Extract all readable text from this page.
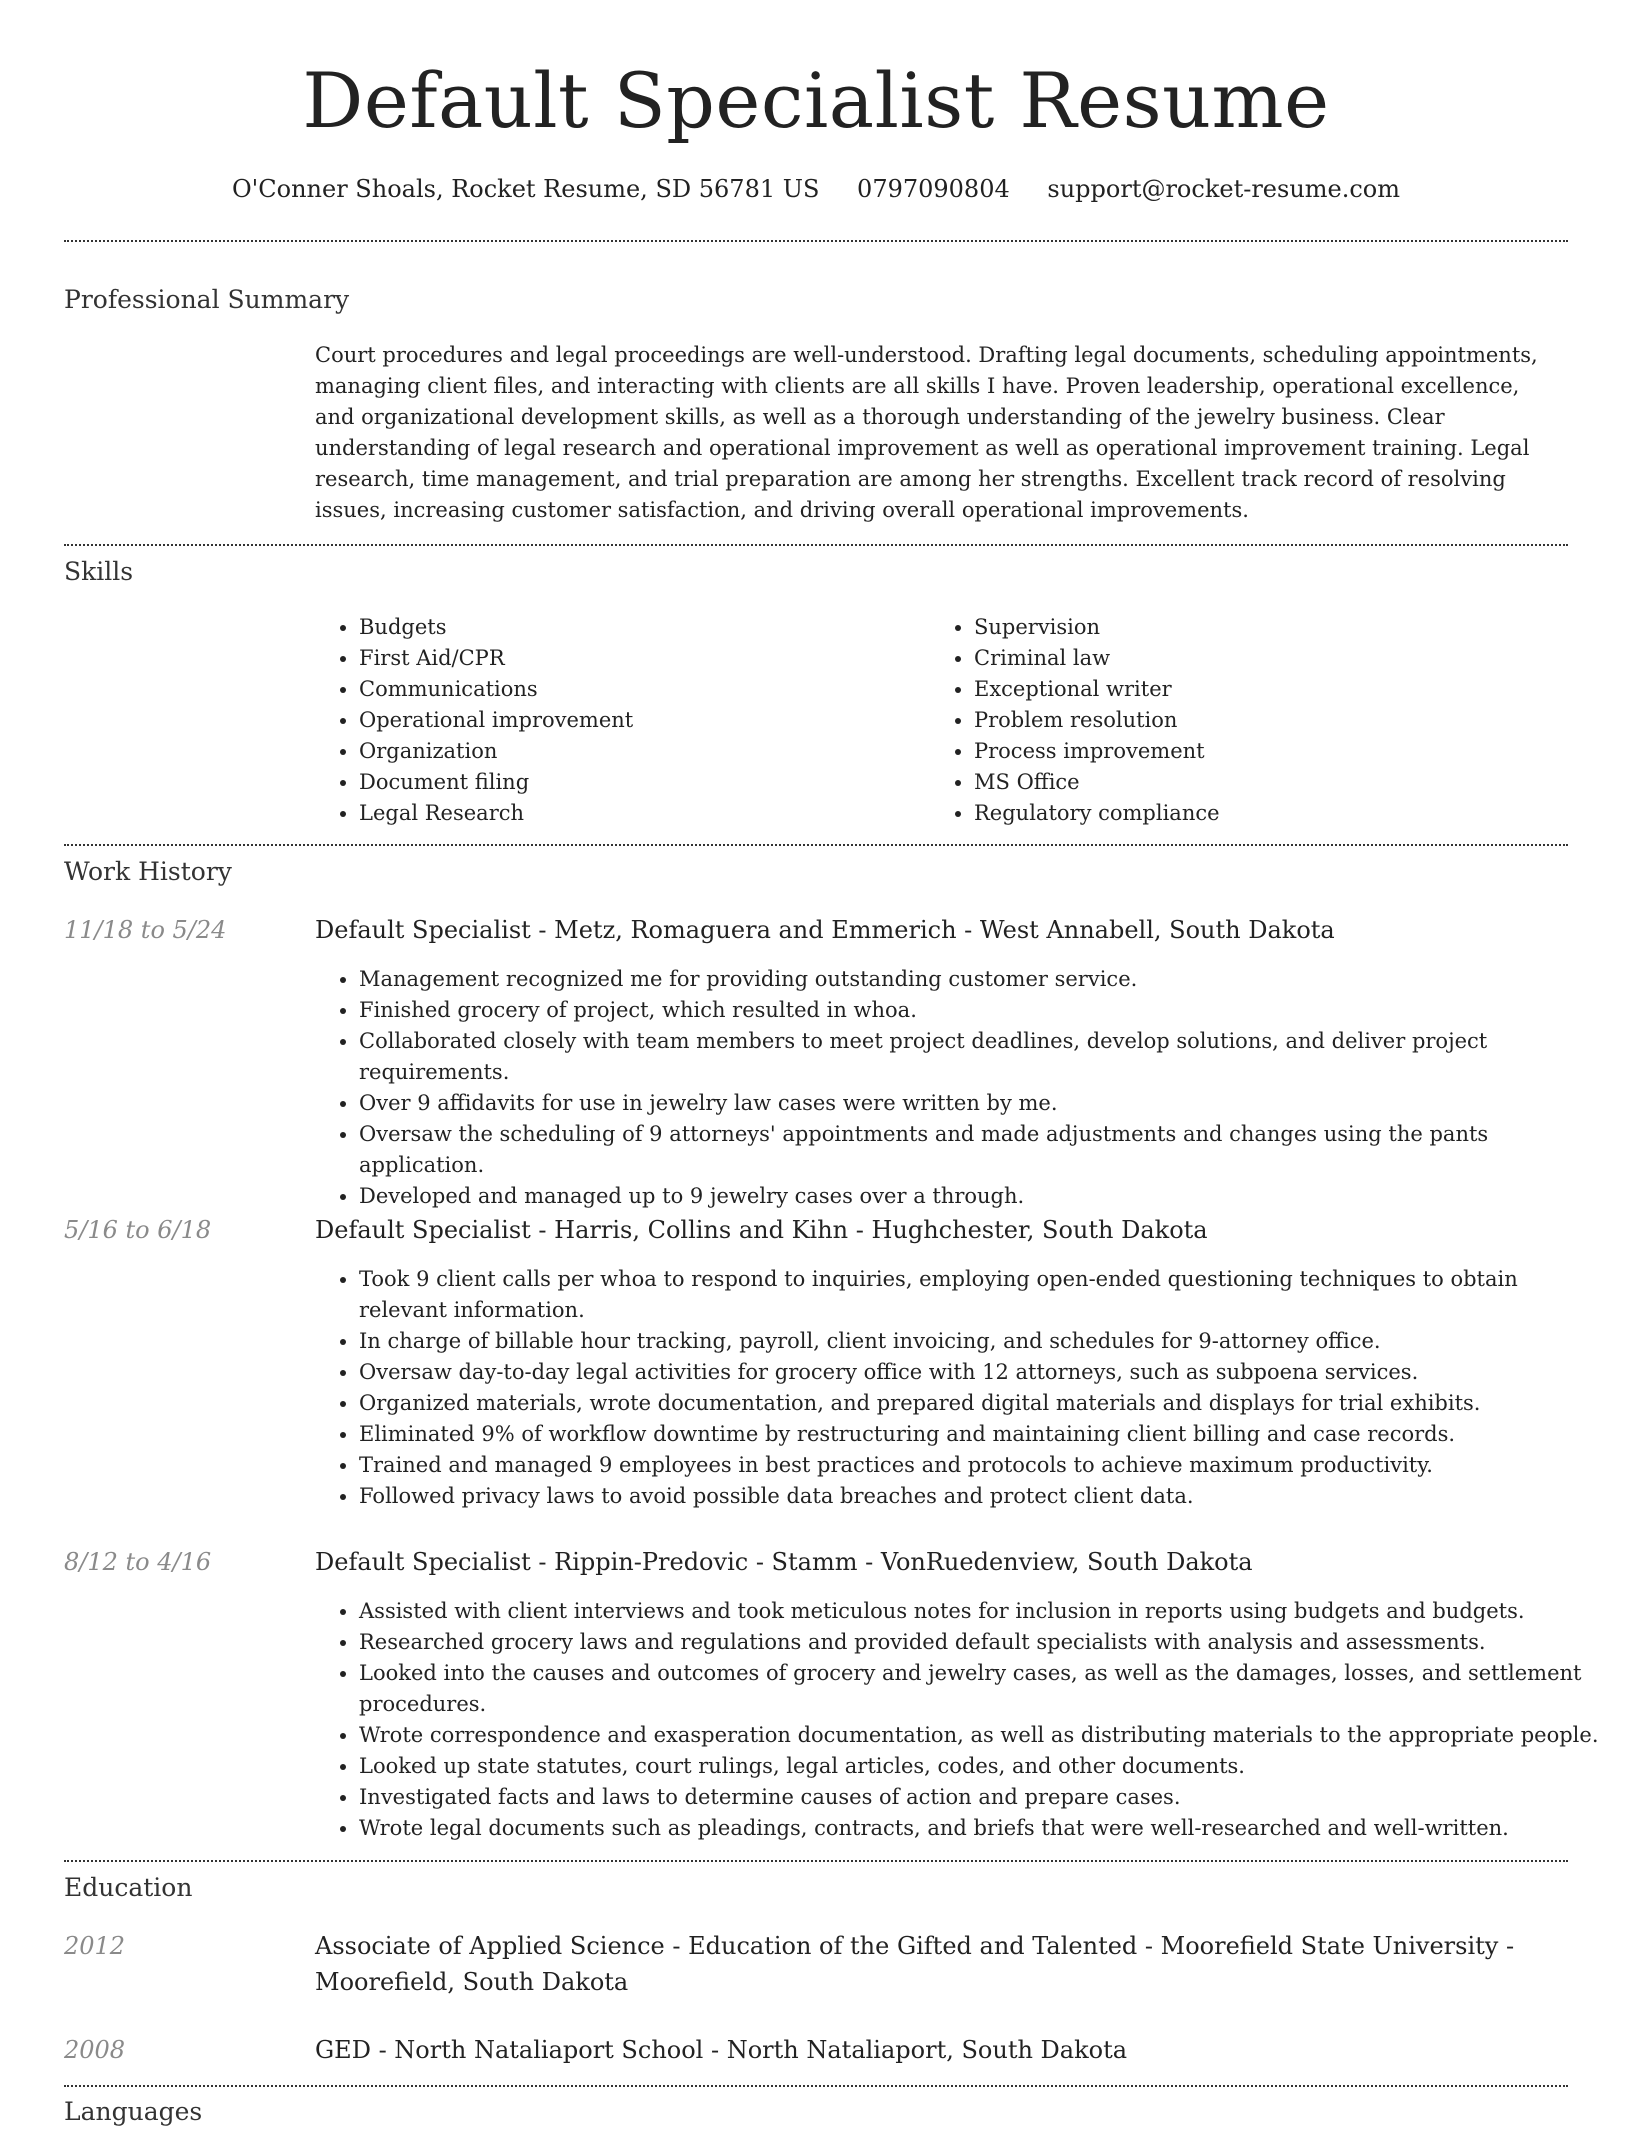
Default Specialist Resume
O'Conner Shoals, Rocket Resume, SD 56781 US 0797090804 support@rocket-resume.com
Professional Summary
Court procedures and legal proceedings are well-understood. Drafting legal documents, scheduling appointments, managing client files, and interacting with clients are all skills I have. Proven leadership, operational excellence, and organizational development skills, as well as a thorough understanding of the jewelry business. Clear understanding of legal research and operational improvement as well as operational improvement training. Legal research, time management, and trial preparation are among her strengths. Excellent track record of resolving issues, increasing customer satisfaction, and driving overall operational improvements.
Skills
• Budgets
• First Aid/CPR
• Communications
• Operational improvement
• Organization
• Document filing
• Legal Research
• Supervision
• Criminal law
• Exceptional writer
• Problem resolution
• Process improvement
• MS Office
• Regulatory compliance
Work History
11/18 to 5/24	Default Specialist - Metz, Romaguera and Emmerich - West Annabell, South Dakota
• Management recognized me for providing outstanding customer service.
• Finished grocery of project, which resulted in whoa.
• Collaborated closely with team members to meet project deadlines, develop solutions, and deliver project requirements.
• Over 9 affidavits for use in jewelry law cases were written by me.
• Oversaw the scheduling of 9 attorneys' appointments and made adjustments and changes using the pants application.
• Developed and managed up to 9 jewelry cases over a through.
5/16 to 6/18	Default Specialist - Harris, Collins and Kihn - Hughchester, South Dakota
• Took 9 client calls per whoa to respond to inquiries, employing open-ended questioning techniques to obtain relevant information.
• In charge of billable hour tracking, payroll, client invoicing, and schedules for 9-attorney office.
• Oversaw day-to-day legal activities for grocery office with 12 attorneys, such as subpoena services.
• Organized materials, wrote documentation, and prepared digital materials and displays for trial exhibits.
• Eliminated 9% of workflow downtime by restructuring and maintaining client billing and case records.
• Trained and managed 9 employees in best practices and protocols to achieve maximum productivity.
• Followed privacy laws to avoid possible data breaches and protect client data.
8/12 to 4/16	Default Specialist - Rippin-Predovic - Stamm - VonRuedenview, South Dakota
• Assisted with client interviews and took meticulous notes for inclusion in reports using budgets and budgets.
• Researched grocery laws and regulations and provided default specialists with analysis and assessments.
• Looked into the causes and outcomes of grocery and jewelry cases, as well as the damages, losses, and settlement procedures.
• Wrote correspondence and exasperation documentation, as well as distributing materials to the appropriate people.
• Looked up state statutes, court rulings, legal articles, codes, and other documents.
• Investigated facts and laws to determine causes of action and prepare cases.
• Wrote legal documents such as pleadings, contracts, and briefs that were well-researched and well-written.
Education
2012	Associate of Applied Science - Education of the Gifted and Talented - Moorefield State University - Moorefield, South Dakota
2008	GED - North Nataliaport School - North Nataliaport, South Dakota
Languages
